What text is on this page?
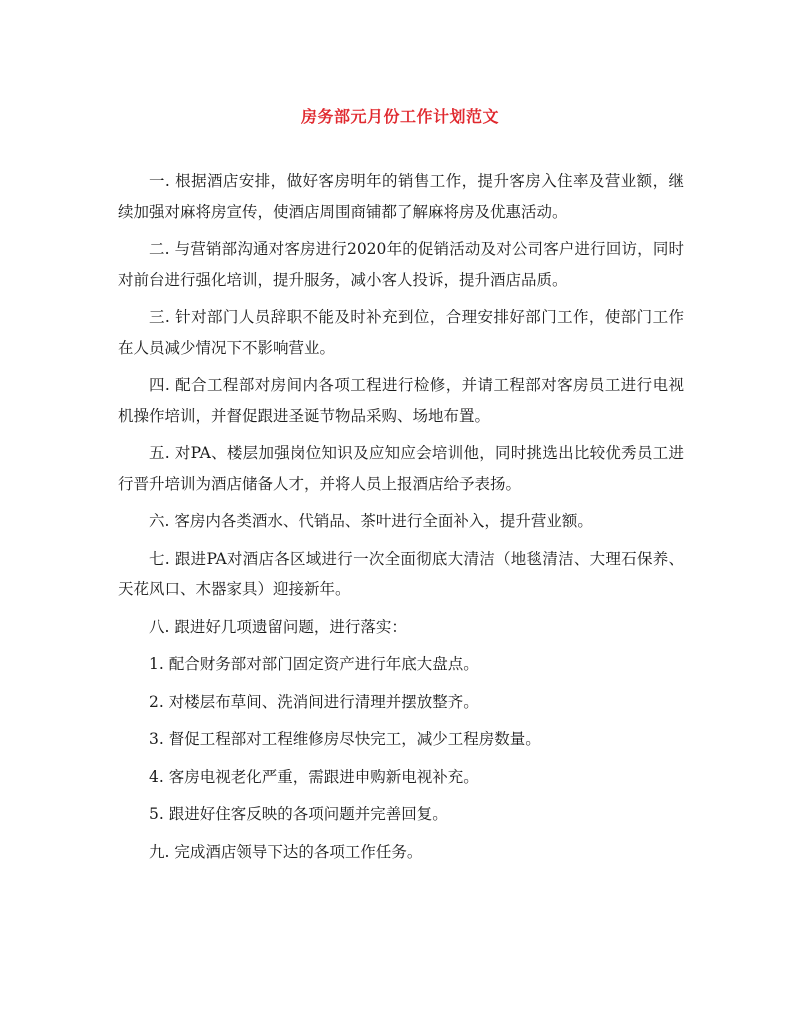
房务部元月份工作计划范文

一. 根据酒店安排，做好客房明年的销售工作，提升客房入住率及营业额，继续加强对麻将房宣传，使酒店周围商铺都了解麻将房及优惠活动。

二. 与营销部沟通对客房进行2020年的促销活动及对公司客户进行回访，同时对前台进行强化培训，提升服务，减小客人投诉，提升酒店品质。

三. 针对部门人员辞职不能及时补充到位，合理安排好部门工作，使部门工作在人员减少情况下不影响营业。

四. 配合工程部对房间内各项工程进行检修，并请工程部对客房员工进行电视机操作培训，并督促跟进圣诞节物品采购、场地布置。

五. 对PA、楼层加强岗位知识及应知应会培训他，同时挑选出比较优秀员工进行晋升培训为酒店储备人才，并将人员上报酒店给予表扬。

六. 客房内各类酒水、代销品、茶叶进行全面补入，提升营业额。

七. 跟进PA对酒店各区域进行一次全面彻底大清洁（地毯清洁、大理石保养、天花风口、木器家具）迎接新年。

八. 跟进好几项遗留问题，进行落实：

1. 配合财务部对部门固定资产进行年底大盘点。

2. 对楼层布草间、洗消间进行清理并摆放整齐。

3. 督促工程部对工程维修房尽快完工，减少工程房数量。

4. 客房电视老化严重，需跟进申购新电视补充。

5. 跟进好住客反映的各项问题并完善回复。

九. 完成酒店领导下达的各项工作任务。
